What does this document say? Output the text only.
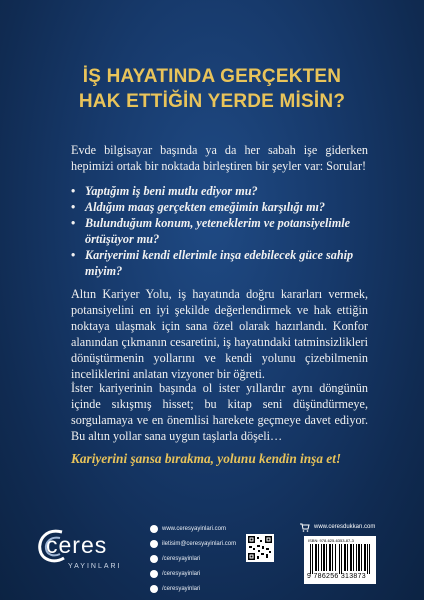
İŞ HAYATINDA GERÇEKTEN
HAK ETTİĞİN YERDE MİSİN?
Evde bilgisayar başında ya da her sabah işe giderken hepimizi ortak bir noktada birleştiren bir şeyler var: Sorular!
• Yaptığım iş beni mutlu ediyor mu?
• Aldığım maaş gerçekten emeğimin karşılığı mı?
• Bulunduğum konum, yeteneklerim ve potansiyelimle örtüşüyor mu?
• Kariyerimi kendi ellerimle inşa edebilecek güce sahip miyim?
Altın Kariyer Yolu, iş hayatında doğru kararları vermek, potansiyelini en iyi şekilde değerlendirmek ve hak ettiğin noktaya ulaşmak için sana özel olarak hazırlandı. Konfor alanından çıkmanın cesaretini, iş hayatındaki tatminsizlikleri dönüştürmenin yollarını ve kendi yolunu çizebilmenin inceliklerini anlatan vizyoner bir öğreti.
İster kariyerinin başında ol ister yıllardır aynı döngünün içinde sıkışmış hisset; bu kitap seni düşündürmeye, sorgulamaya ve en önemlisi harekete geçmeye davet ediyor. Bu altın yollar sana uygun taşlarla döşeli…
Kariyerini şansa bırakma, yolunu kendin inşa et!
ceres
YAYINLARI
www.ceresyayinlari.com
iletisim@ceresyayinlari.com
/ceresyayinlari
/ceresyayinlari
/ceresyayinlari
www.ceresdukkan.com
ISBN: 978-625-6353-87-3
9 786256 313873
